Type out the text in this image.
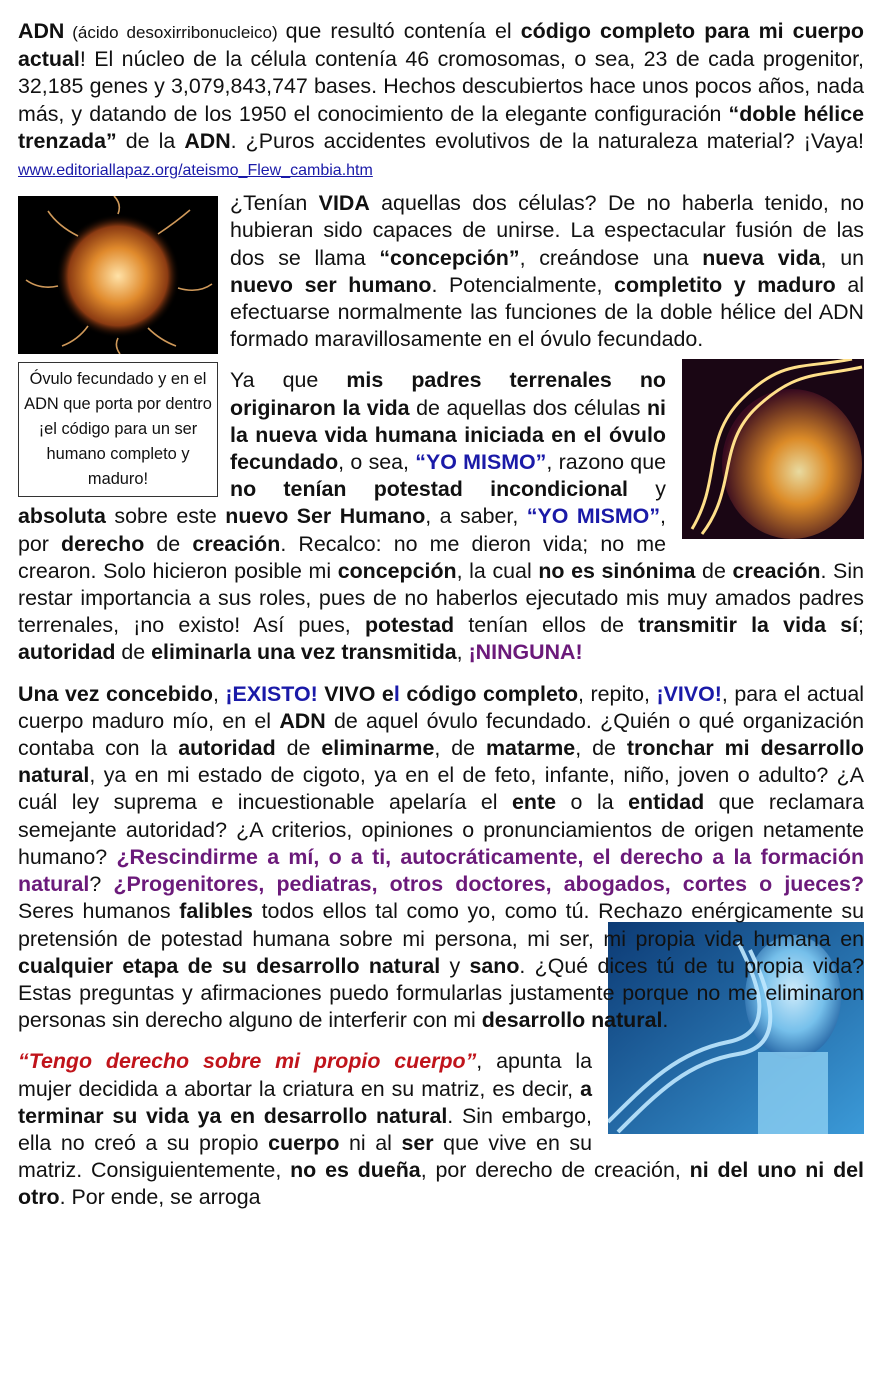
ADN (ácido desoxirribonucleico) que resultó contenía el código completo para mi cuerpo actual! El núcleo de la célula contenía 46 cromosomas, o sea, 23 de cada progenitor, 32,185 genes y 3,079,843,747 bases. Hechos descubiertos hace unos pocos años, nada más, y datando de los 1950 el conocimiento de la elegante configuración “doble hélice trenzada” de la ADN. ¿Puros accidentes evolutivos de la naturaleza material? ¡Vaya! www.editoriallapaz.org/ateismo_Flew_cambia.htm

Óvulo fecundado y en el ADN que porta por dentro ¡el código para un ser humano completo y maduro!

¿Tenían VIDA aquellas dos células? De no haberla tenido, no hubieran sido capaces de unirse. La espectacular fusión de las dos se llama “concepción”, creándose una nueva vida, un nuevo ser humano. Potencialmente, completito y maduro al efectuarse normalmente las funciones de la doble hélice del ADN formado maravillosamente en el óvulo fecundado.

Ya que mis padres terrenales no originaron la vida de aquellas dos células ni la nueva vida humana iniciada en el óvulo fecundado, o sea, “YO MISMO”, razono que no tenían potestad incondicional y absoluta sobre este nuevo Ser Humano, a saber, “YO MISMO”, por derecho de creación. Recalco: no me dieron vida; no me crearon. Solo hicieron posible mi concepción, la cual no es sinónima de creación. Sin restar importancia a sus roles, pues de no haberlos ejecutado mis muy amados padres terrenales, ¡no existo! Así pues, potestad tenían ellos de transmitir la vida sí; autoridad de eliminarla una vez transmitida, ¡NINGUNA!

Una vez concebido, ¡EXISTO! VIVO el código completo, repito, ¡VIVO!, para el actual cuerpo maduro mío, en el ADN de aquel óvulo fecundado. ¿Quién o qué organización contaba con la autoridad de eliminarme, de matarme, de tronchar mi desarrollo natural, ya en mi estado de cigoto, ya en el de feto, infante, niño, joven o adulto? ¿A cuál ley suprema e incuestionable apelaría el ente o la entidad que reclamara semejante autoridad? ¿A criterios, opiniones o pronunciamientos de origen netamente humano? ¿Rescindirme a mí, o a ti, autocráticamente, el derecho a la formación natural? ¿Progenitores, pediatras, otros doctores, abogados, cortes o jueces? Seres humanos falibles todos ellos tal como yo, como tú. Rechazo enérgicamente su pretensión de potestad humana sobre mi persona, mi ser, mi propia vida humana en cualquier etapa de su desarrollo natural y sano. ¿Qué dices tú de tu propia vida? Estas preguntas y afirmaciones puedo formularlas justamente porque no me eliminaron personas sin derecho alguno de interferir con mi desarrollo natural.

“Tengo derecho sobre mi propio cuerpo”, apunta la mujer decidida a abortar la criatura en su matriz, es decir, a terminar su vida ya en desarrollo natural. Sin embargo, ella no creó a su propio cuerpo ni al ser que vive en su matriz. Consiguientemente, no es dueña, por derecho de creación, ni del uno ni del otro. Por ende, se arroga
